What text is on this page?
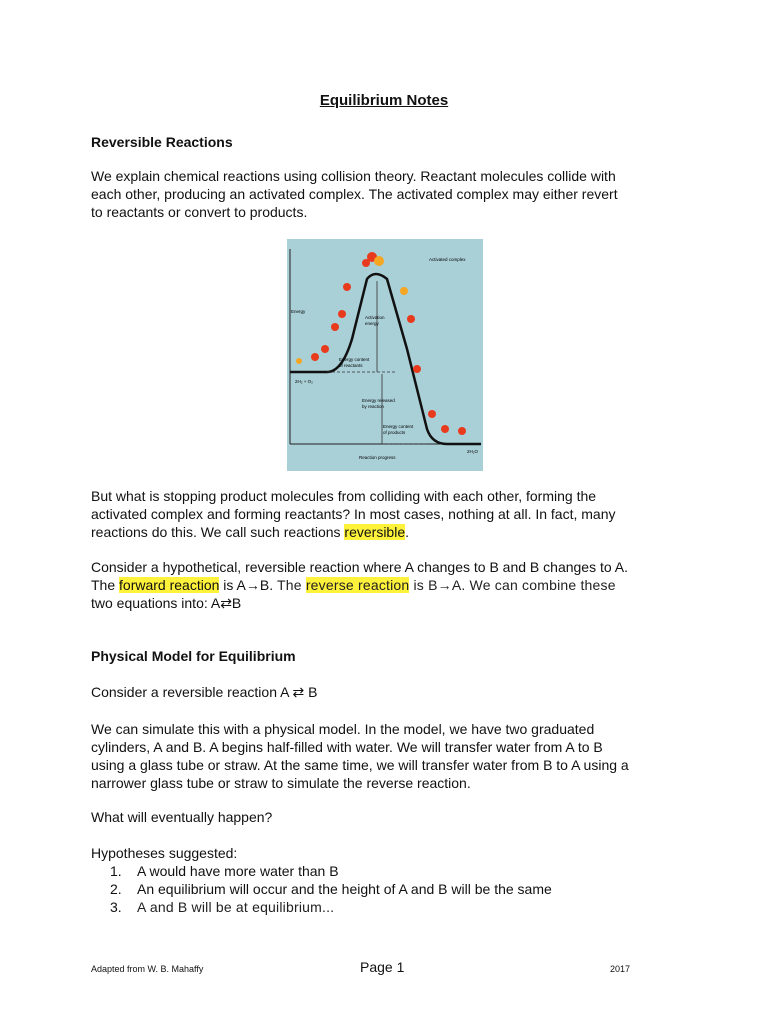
Equilibrium Notes
Reversible Reactions
We explain chemical reactions using collision theory. Reactant molecules collide with
each other, producing an activated complex. The activated complex may either revert
to reactants or convert to products.
Activated complex
Energy
Activation
energy
Energy content
of reactants
Energy released
by reaction
Energy content
of products
2H₂ + O₂
2H₂O
Reaction progress
But what is stopping product molecules from colliding with each other, forming the
activated complex and forming reactants? In most cases, nothing at all. In fact, many
reactions do this. We call such reactions reversible.
Consider a hypothetical, reversible reaction where A changes to B and B changes to A.
The forward reaction is A→B. The reverse reaction is B→A. We can combine these
two equations into: A⇄B
Physical Model for Equilibrium
Consider a reversible reaction A ⇄ B
We can simulate this with a physical model. In the model, we have two graduated
cylinders, A and B. A begins half-filled with water. We will transfer water from A to B
using a glass tube or straw. At the same time, we will transfer water from B to A using a
narrower glass tube or straw to simulate the reverse reaction.
What will eventually happen?
Hypotheses suggested:
1. A would have more water than B
2. An equilibrium will occur and the height of A and B will be the same
3. A and B will be at equilibrium...
Adapted from W. B. Mahaffy	Page 1	2017
